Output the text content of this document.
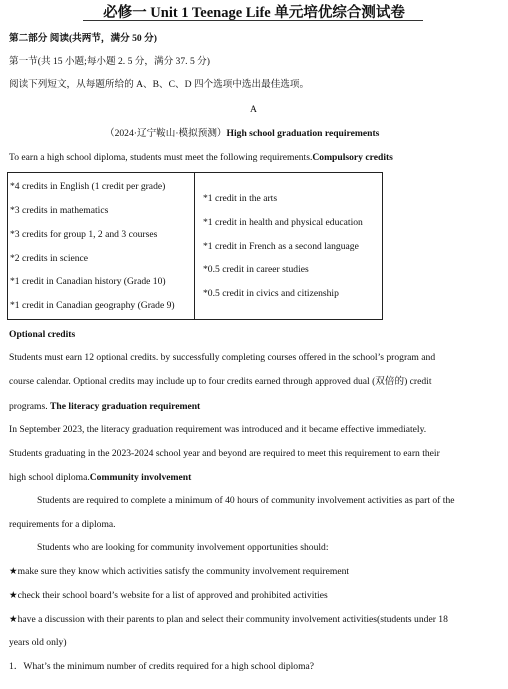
必修一 Unit 1 Teenage Life 单元培优综合测试卷
第二部分 阅读(共两节，满分 50 分)
第一节(共 15 小题;每小题 2. 5 分，满分 37. 5 分)
阅读下列短文，从每题所给的 A、B、C、D 四个选项中选出最佳选项。
A
（2024·辽宁鞍山·模拟预测）High school graduation requirements
To earn a high school diploma, students must meet the following requirements.Compulsory credits
*4 credits in English (1 credit per grade)
*3 credits in mathematics
*3 credits for group 1, 2 and 3 courses
*2 credits in science
*1 credit in Canadian history (Grade 10)
*1 credit in Canadian geography (Grade 9)
*1 credit in the arts
*1 credit in health and physical education
*1 credit in French as a second language
*0.5 credit in career studies
*0.5 credit in civics and citizenship
Optional credits
Students must earn 12 optional credits. by successfully completing courses offered in the school’s program and
course calendar. Optional credits may include up to four credits earned through approved dual (双倍的) credit
programs. The literacy graduation requirement
In September 2023, the literacy graduation requirement was introduced and it became effective immediately.
Students graduating in the 2023-2024 school year and beyond are required to meet this requirement to earn their
high school diploma.Community involvement
Students are required to complete a minimum of 40 hours of community involvement activities as part of the
requirements for a diploma.
Students who are looking for community involvement opportunities should:
★make sure they know which activities satisfy the community involvement requirement
★check their school board’s website for a list of approved and prohibited activities
★have a discussion with their parents to plan and select their community involvement activities(students under 18
years old only)
1．What’s the minimum number of credits required for a high school diploma?
